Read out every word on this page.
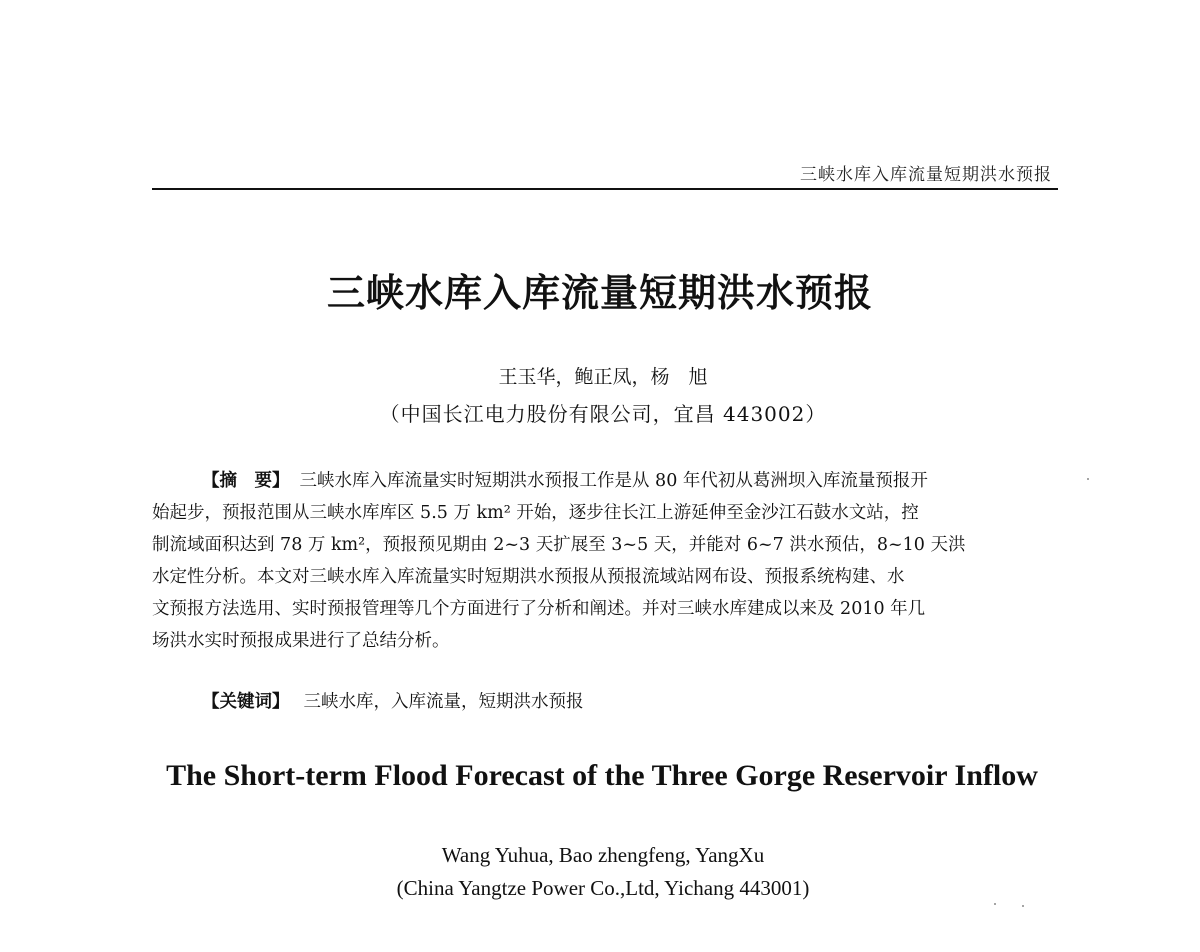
三峡水库入库流量短期洪水预报
三峡水库入库流量短期洪水预报
王玉华，鲍正凤，杨　旭
（中国长江电力股份有限公司，宜昌 443002）
【摘　要】 三峡水库入库流量实时短期洪水预报工作是从 80 年代初从葛洲坝入库流量预报开
始起步，预报范围从三峡水库库区 5.5 万 km² 开始，逐步往长江上游延伸至金沙江石鼓水文站，控
制流域面积达到 78 万 km²，预报预见期由 2~3 天扩展至 3~5 天，并能对 6~7 洪水预估，8~10 天洪
水定性分析。本文对三峡水库入库流量实时短期洪水预报从预报流域站网布设、预报系统构建、水
文预报方法选用、实时预报管理等几个方面进行了分析和阐述。并对三峡水库建成以来及 2010 年几
场洪水实时预报成果进行了总结分析。
【关键词】 三峡水库，入库流量，短期洪水预报
The Short-term Flood Forecast of the Three Gorge Reservoir Inflow
Wang Yuhua, Bao zhengfeng, YangXu
(China Yangtze Power Co.,Ltd, Yichang 443001)
